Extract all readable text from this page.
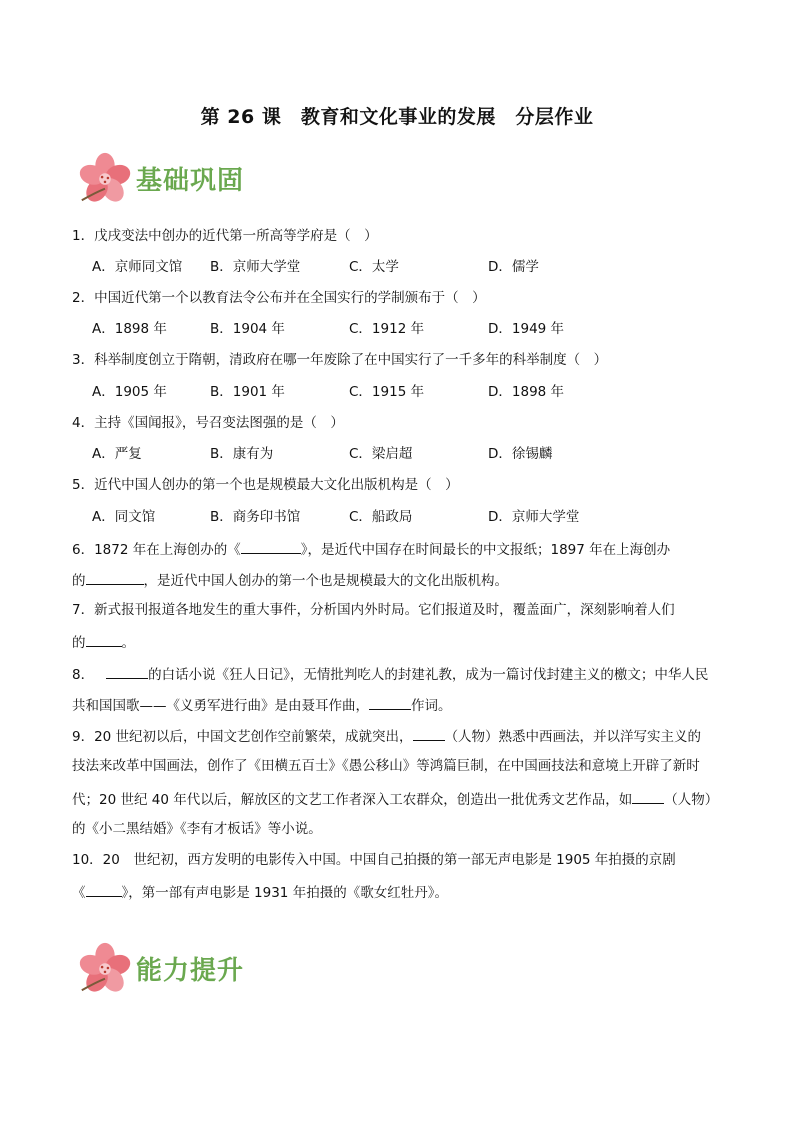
第 26 课　教育和文化事业的发展　分层作业
基础巩固
1．戊戌变法中创办的近代第一所高等学府是（　）
A．京师同文馆 B．京师大学堂	C．太学	D．儒学
2．中国近代第一个以教育法令公布并在全国实行的学制颁布于（　）
A．1898 年	B．1904 年	C．1912 年	D．1949 年
3．科举制度创立于隋朝，清政府在哪一年废除了在中国实行了一千多年的科举制度（　）
A．1905 年	B．1901 年	C．1915 年	D．1898 年
4．主持《国闻报》，号召变法图强的是（　）
A．严复	B．康有为	C．梁启超	D．徐锡麟
5．近代中国人创办的第一个也是规模最大文化出版机构是（　）
A．同文馆	B．商务印书馆	C．船政局	D．京师大学堂
6．1872 年在上海创办的《	》，是近代中国存在时间最长的中文报纸；1897 年在上海创办
的	，是近代中国人创办的第一个也是规模最大的文化出版机构。
7．新式报刊报道各地发生的重大事件，分析国内外时局。它们报道及时，覆盖面广，深刻影响着人们
的	。
8．	的白话小说《狂人日记》，无情批判吃人的封建礼教，成为一篇讨伐封建主义的檄文；中华人民
共和国国歌——《义勇军进行曲》是由聂耳作曲，	作词。
9．20 世纪初以后，中国文艺创作空前繁荣，成就突出， （人物）熟悉中西画法，并以洋写实主义的
技法来改革中国画法，创作了《田横五百士》《愚公移山》等鸿篇巨制，在中国画技法和意境上开辟了新时
代；20 世纪 40 年代以后，解放区的文艺工作者深入工农群众，创造出一批优秀文艺作品，如 （人物）
的《小二黑结婚》《李有才板话》等小说。
10．20　世纪初，西方发明的电影传入中国。中国自己拍摄的第一部无声电影是 1905 年拍摄的京剧
《	》，第一部有声电影是 1931 年拍摄的《歌女红牡丹》。
能力提升
